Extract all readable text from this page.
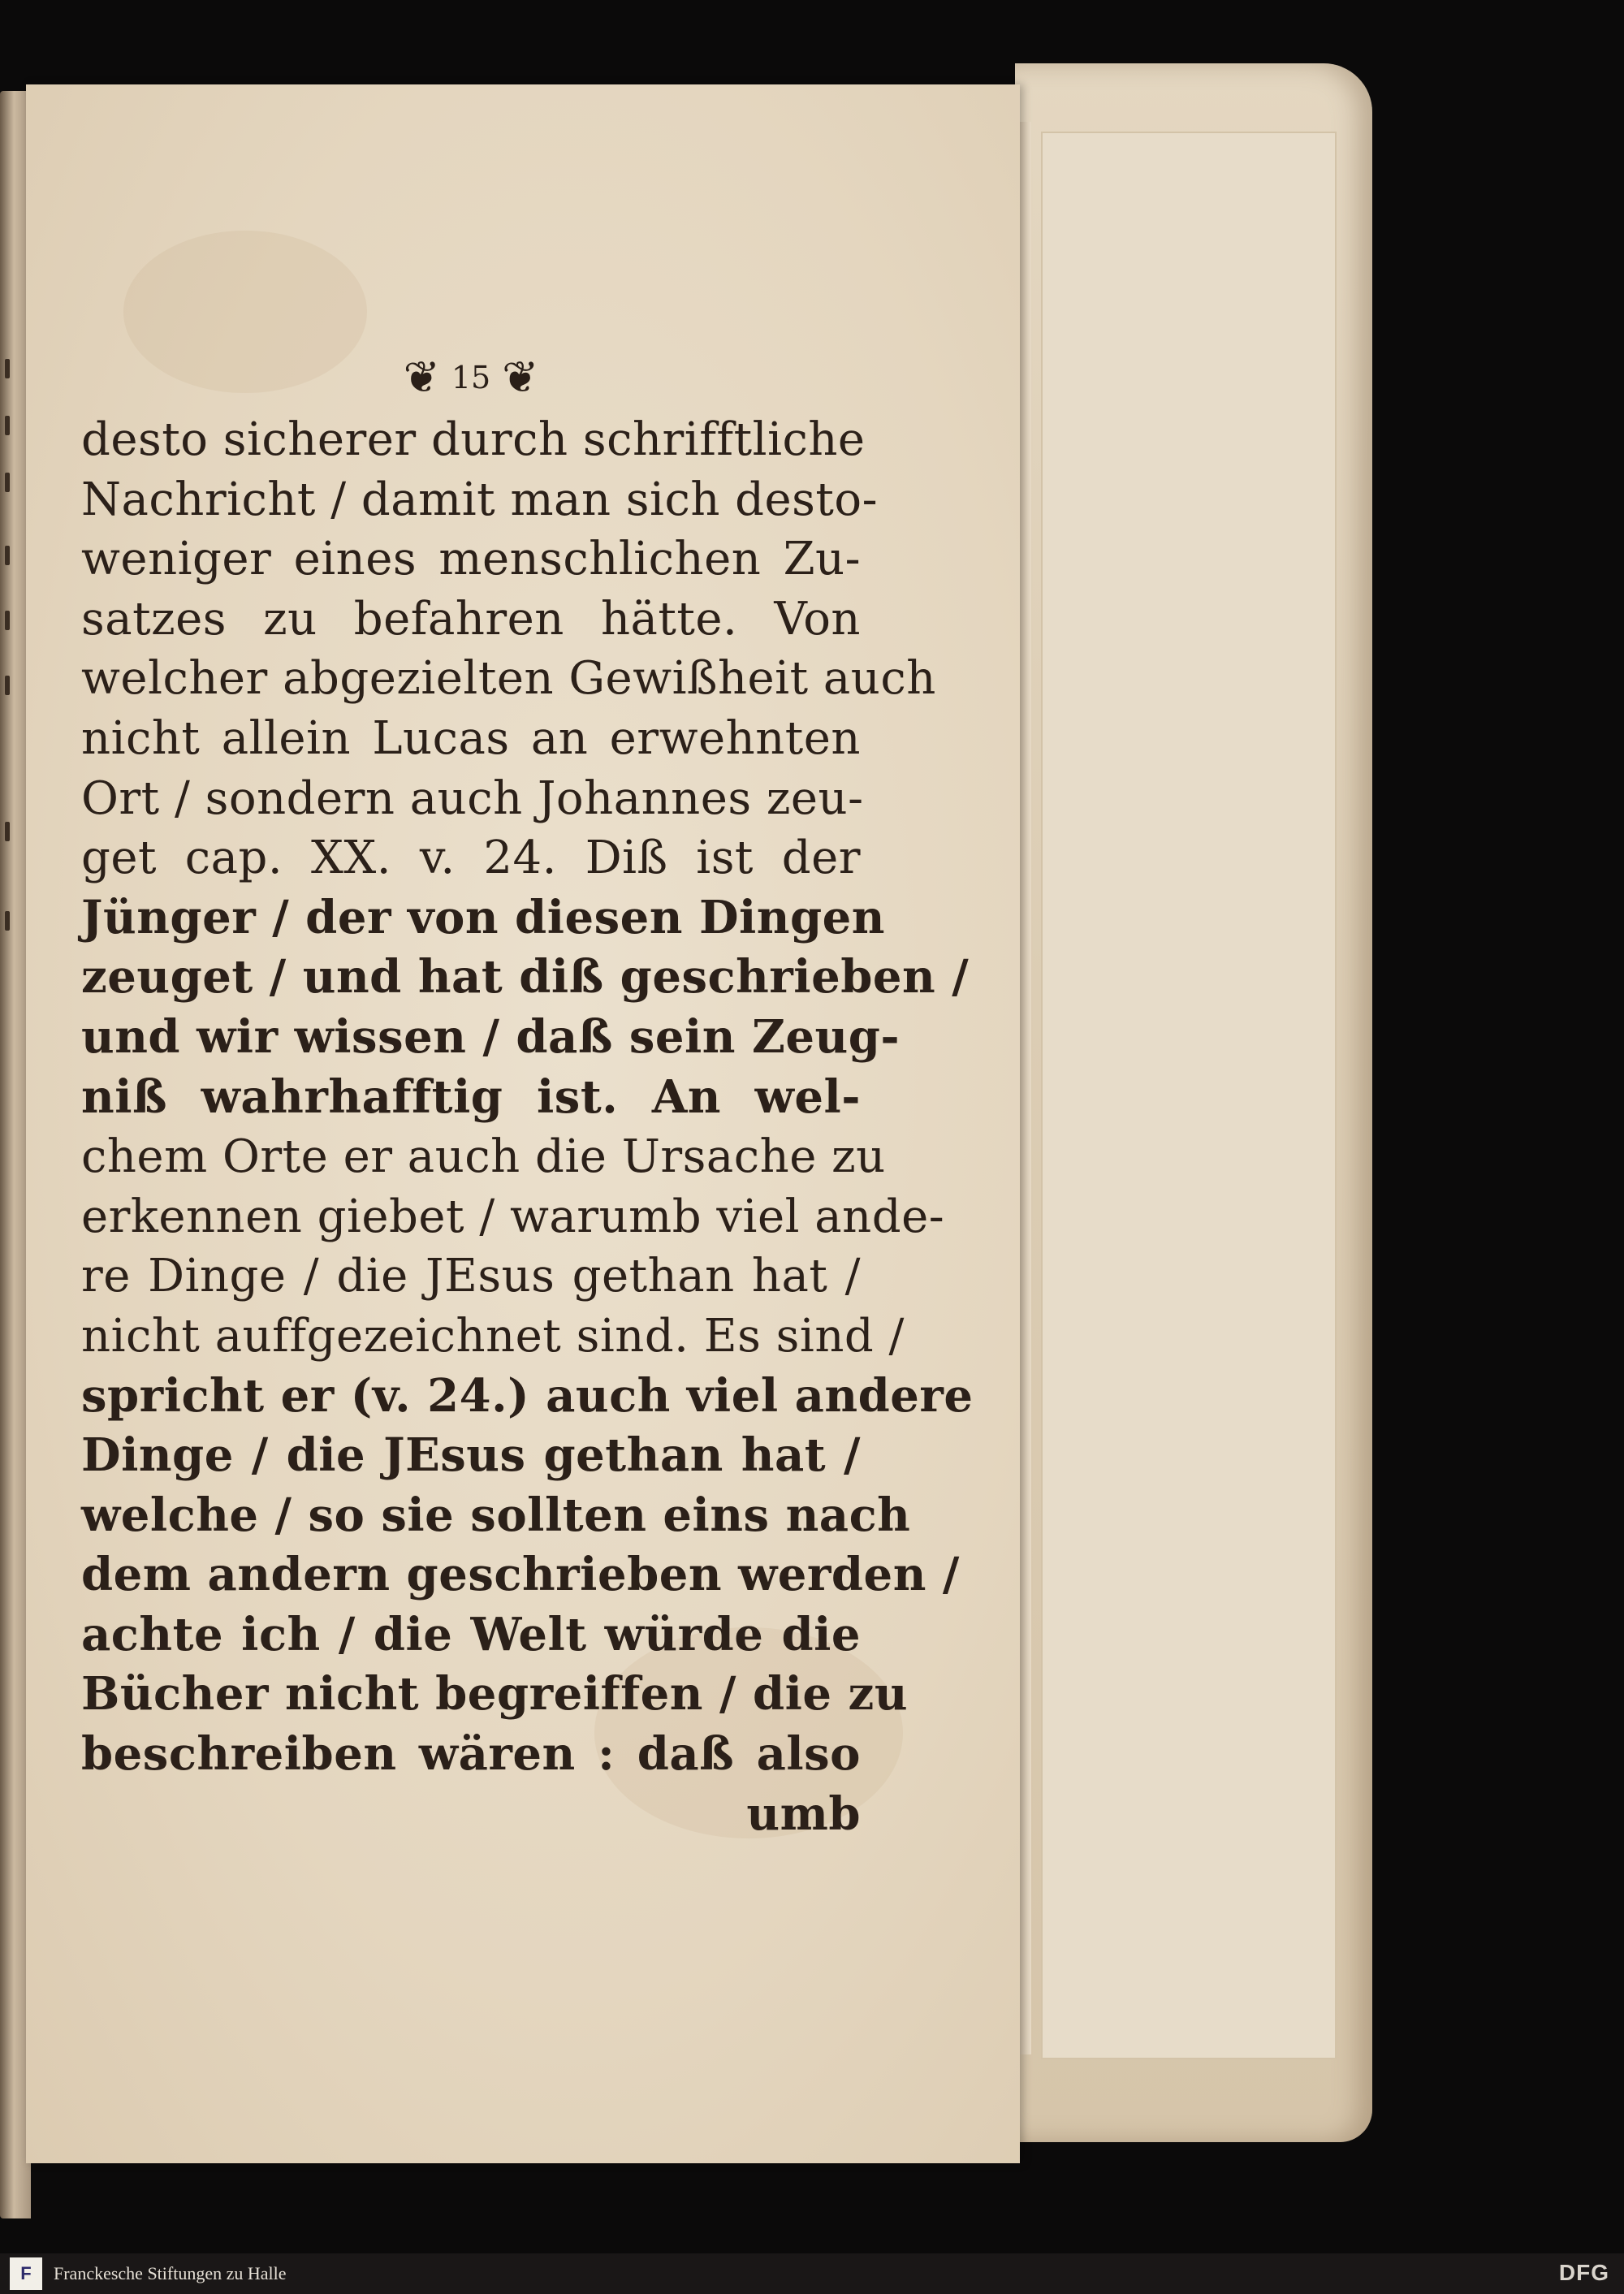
❦ 15 ❦
desto sicherer durch schrifftliche
Nachricht / damit man sich desto-
weniger eines menschlichen Zu-
satzes zu befahren hätte. Von
welcher abgezielten Gewißheit auch
nicht allein Lucas an erwehnten
Ort / sondern auch Johannes zeu-
get cap. XX. v. 24. Diß ist der
Jünger / der von diesen Dingen
zeuget / und hat diß geschrieben /
und wir wissen / daß sein Zeug-
niß wahrhafftig ist. An wel-
chem Orte er auch die Ursache zu
erkennen giebet / warumb viel ande-
re Dinge / die JEsus gethan hat /
nicht auffgezeichnet sind. Es sind /
spricht er (v. 24.) auch viel andere
Dinge / die JEsus gethan hat /
welche / so sie sollten eins nach
dem andern geschrieben werden /
achte ich / die Welt würde die
Bücher nicht begreiffen / die zu
beschreiben wären : daß also
umb
F Franckesche Stiftungen zu Halle	DFG
